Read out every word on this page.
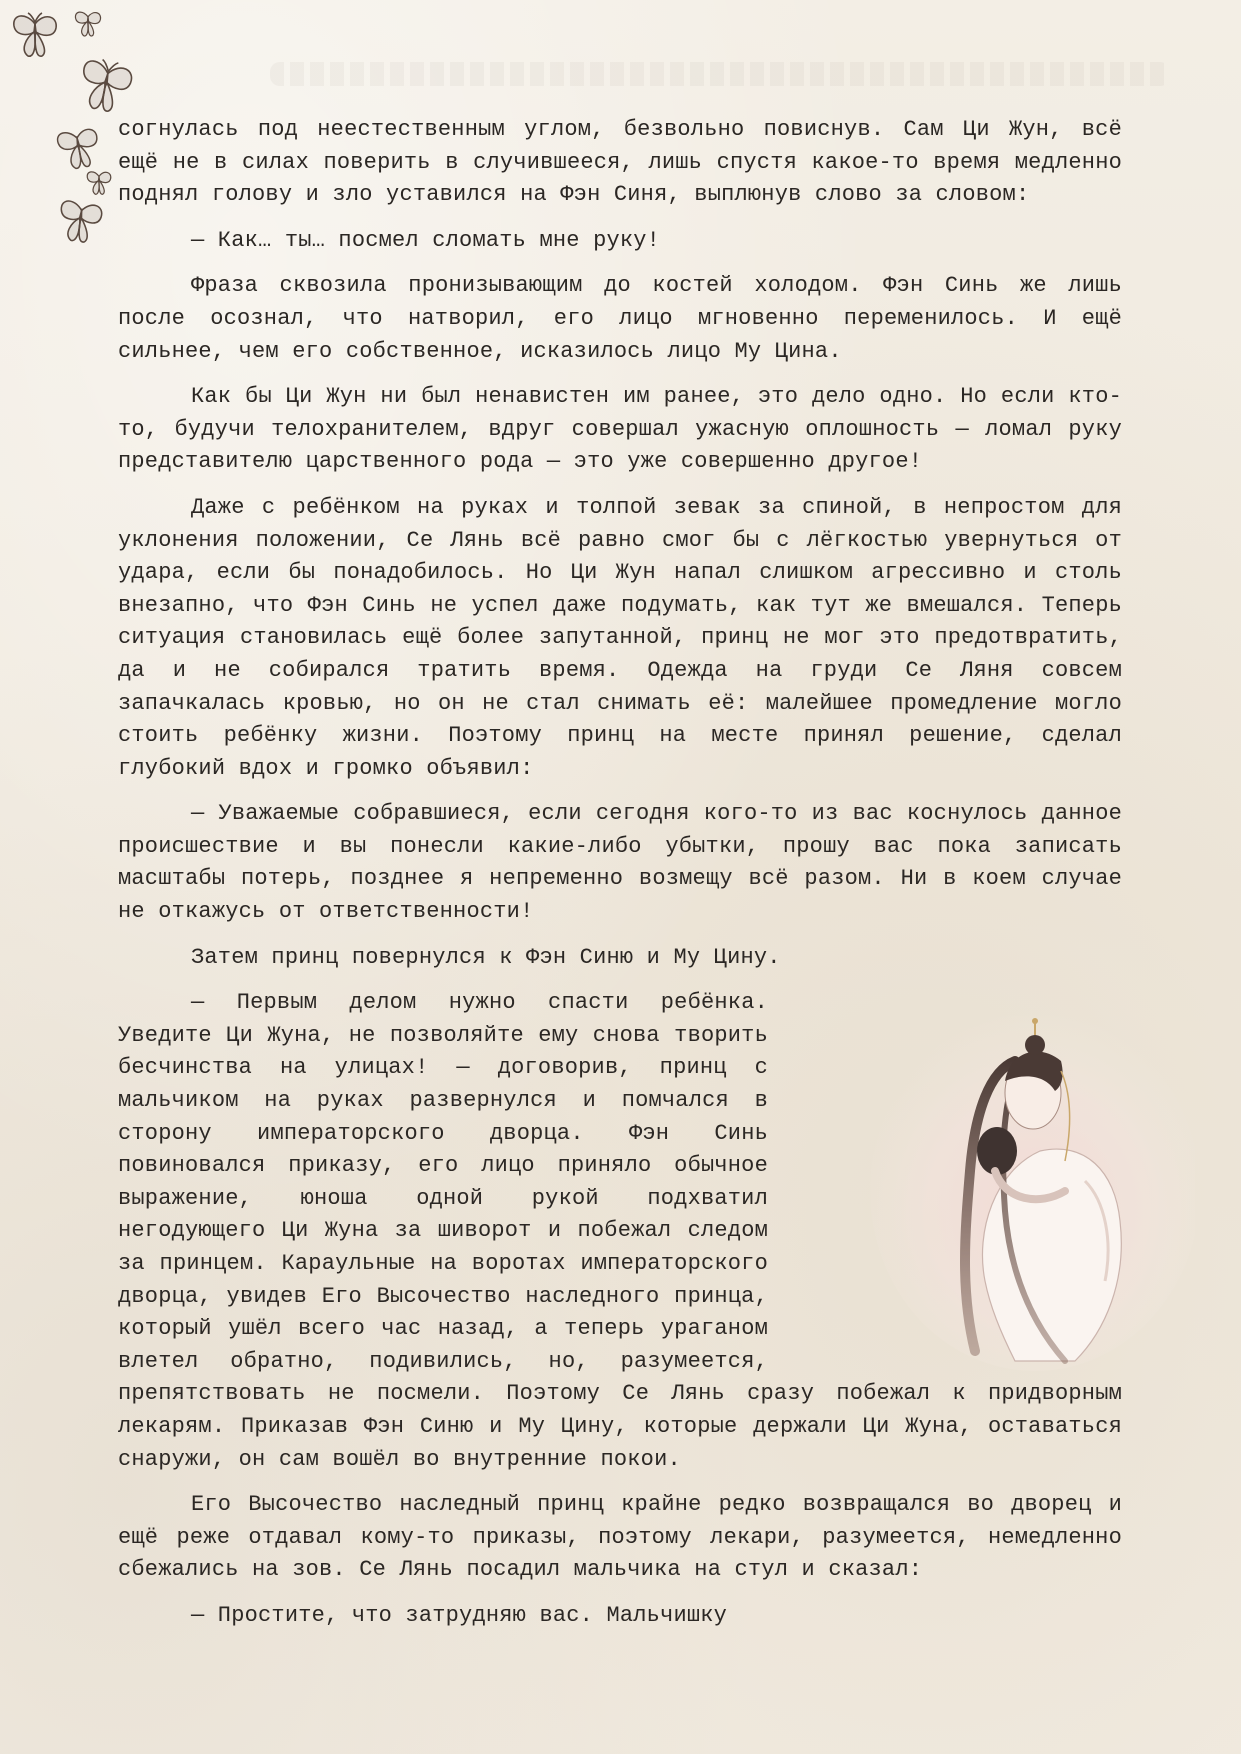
согнулась под неестественным углом, безвольно повиснув. Сам Ци Жун, всё ещё не в силах поверить в случившееся, лишь спустя какое-то время медленно поднял голову и зло уставился на Фэн Синя, выплюнув слово за словом:

— Как… ты… посмел сломать мне руку!

Фраза сквозила пронизывающим до костей холодом. Фэн Синь же лишь после осознал, что натворил, его лицо мгновенно переменилось. И ещё сильнее, чем его собственное, исказилось лицо Му Цина.

Как бы Ци Жун ни был ненавистен им ранее, это дело одно. Но если кто-то, будучи телохранителем, вдруг совершал ужасную оплошность — ломал руку представителю царственного рода — это уже совершенно другое!

Даже с ребёнком на руках и толпой зевак за спиной, в непростом для уклонения положении, Се Лянь всё равно смог бы с лёгкостью увернуться от удара, если бы понадобилось. Но Ци Жун напал слишком агрессивно и столь внезапно, что Фэн Синь не успел даже подумать, как тут же вмешался. Теперь ситуация становилась ещё более запутанной, принц не мог это предотвратить, да и не собирался тратить время. Одежда на груди Се Ляня совсем запачкалась кровью, но он не стал снимать её: малейшее промедление могло стоить ребёнку жизни. Поэтому принц на месте принял решение, сделал глубокий вдох и громко объявил:

— Уважаемые собравшиеся, если сегодня кого-то из вас коснулось данное происшествие и вы понесли какие-либо убытки, прошу вас пока записать масштабы потерь, позднее я непременно возмещу всё разом. Ни в коем случае не откажусь от ответственности!

Затем принц повернулся к Фэн Синю и Му Цину.

— Первым делом нужно спасти ребёнка. Уведите Ци Жуна, не позволяйте ему снова творить бесчинства на улицах! — договорив, принц с мальчиком на руках развернулся и помчался в сторону императорского дворца. Фэн Синь повиновался приказу, его лицо приняло обычное выражение, юноша одной рукой подхватил негодующего Ци Жуна за шиворот и побежал следом за принцем. Караульные на воротах императорского дворца, увидев Его Высочество наследного принца, который ушёл всего час назад, а теперь ураганом влетел обратно, подивились, но, разумеется, препятствовать не посмели. Поэтому Се Лянь сразу побежал к придворным лекарям. Приказав Фэн Синю и Му Цину, которые держали Ци Жуна, оставаться снаружи, он сам вошёл во внутренние покои.

Его Высочество наследный принц крайне редко возвращался во дворец и ещё реже отдавал кому-то приказы, поэтому лекари, разумеется, немедленно сбежались на зов. Се Лянь посадил мальчика на стул и сказал:

— Простите, что затрудняю вас. Мальчишку
